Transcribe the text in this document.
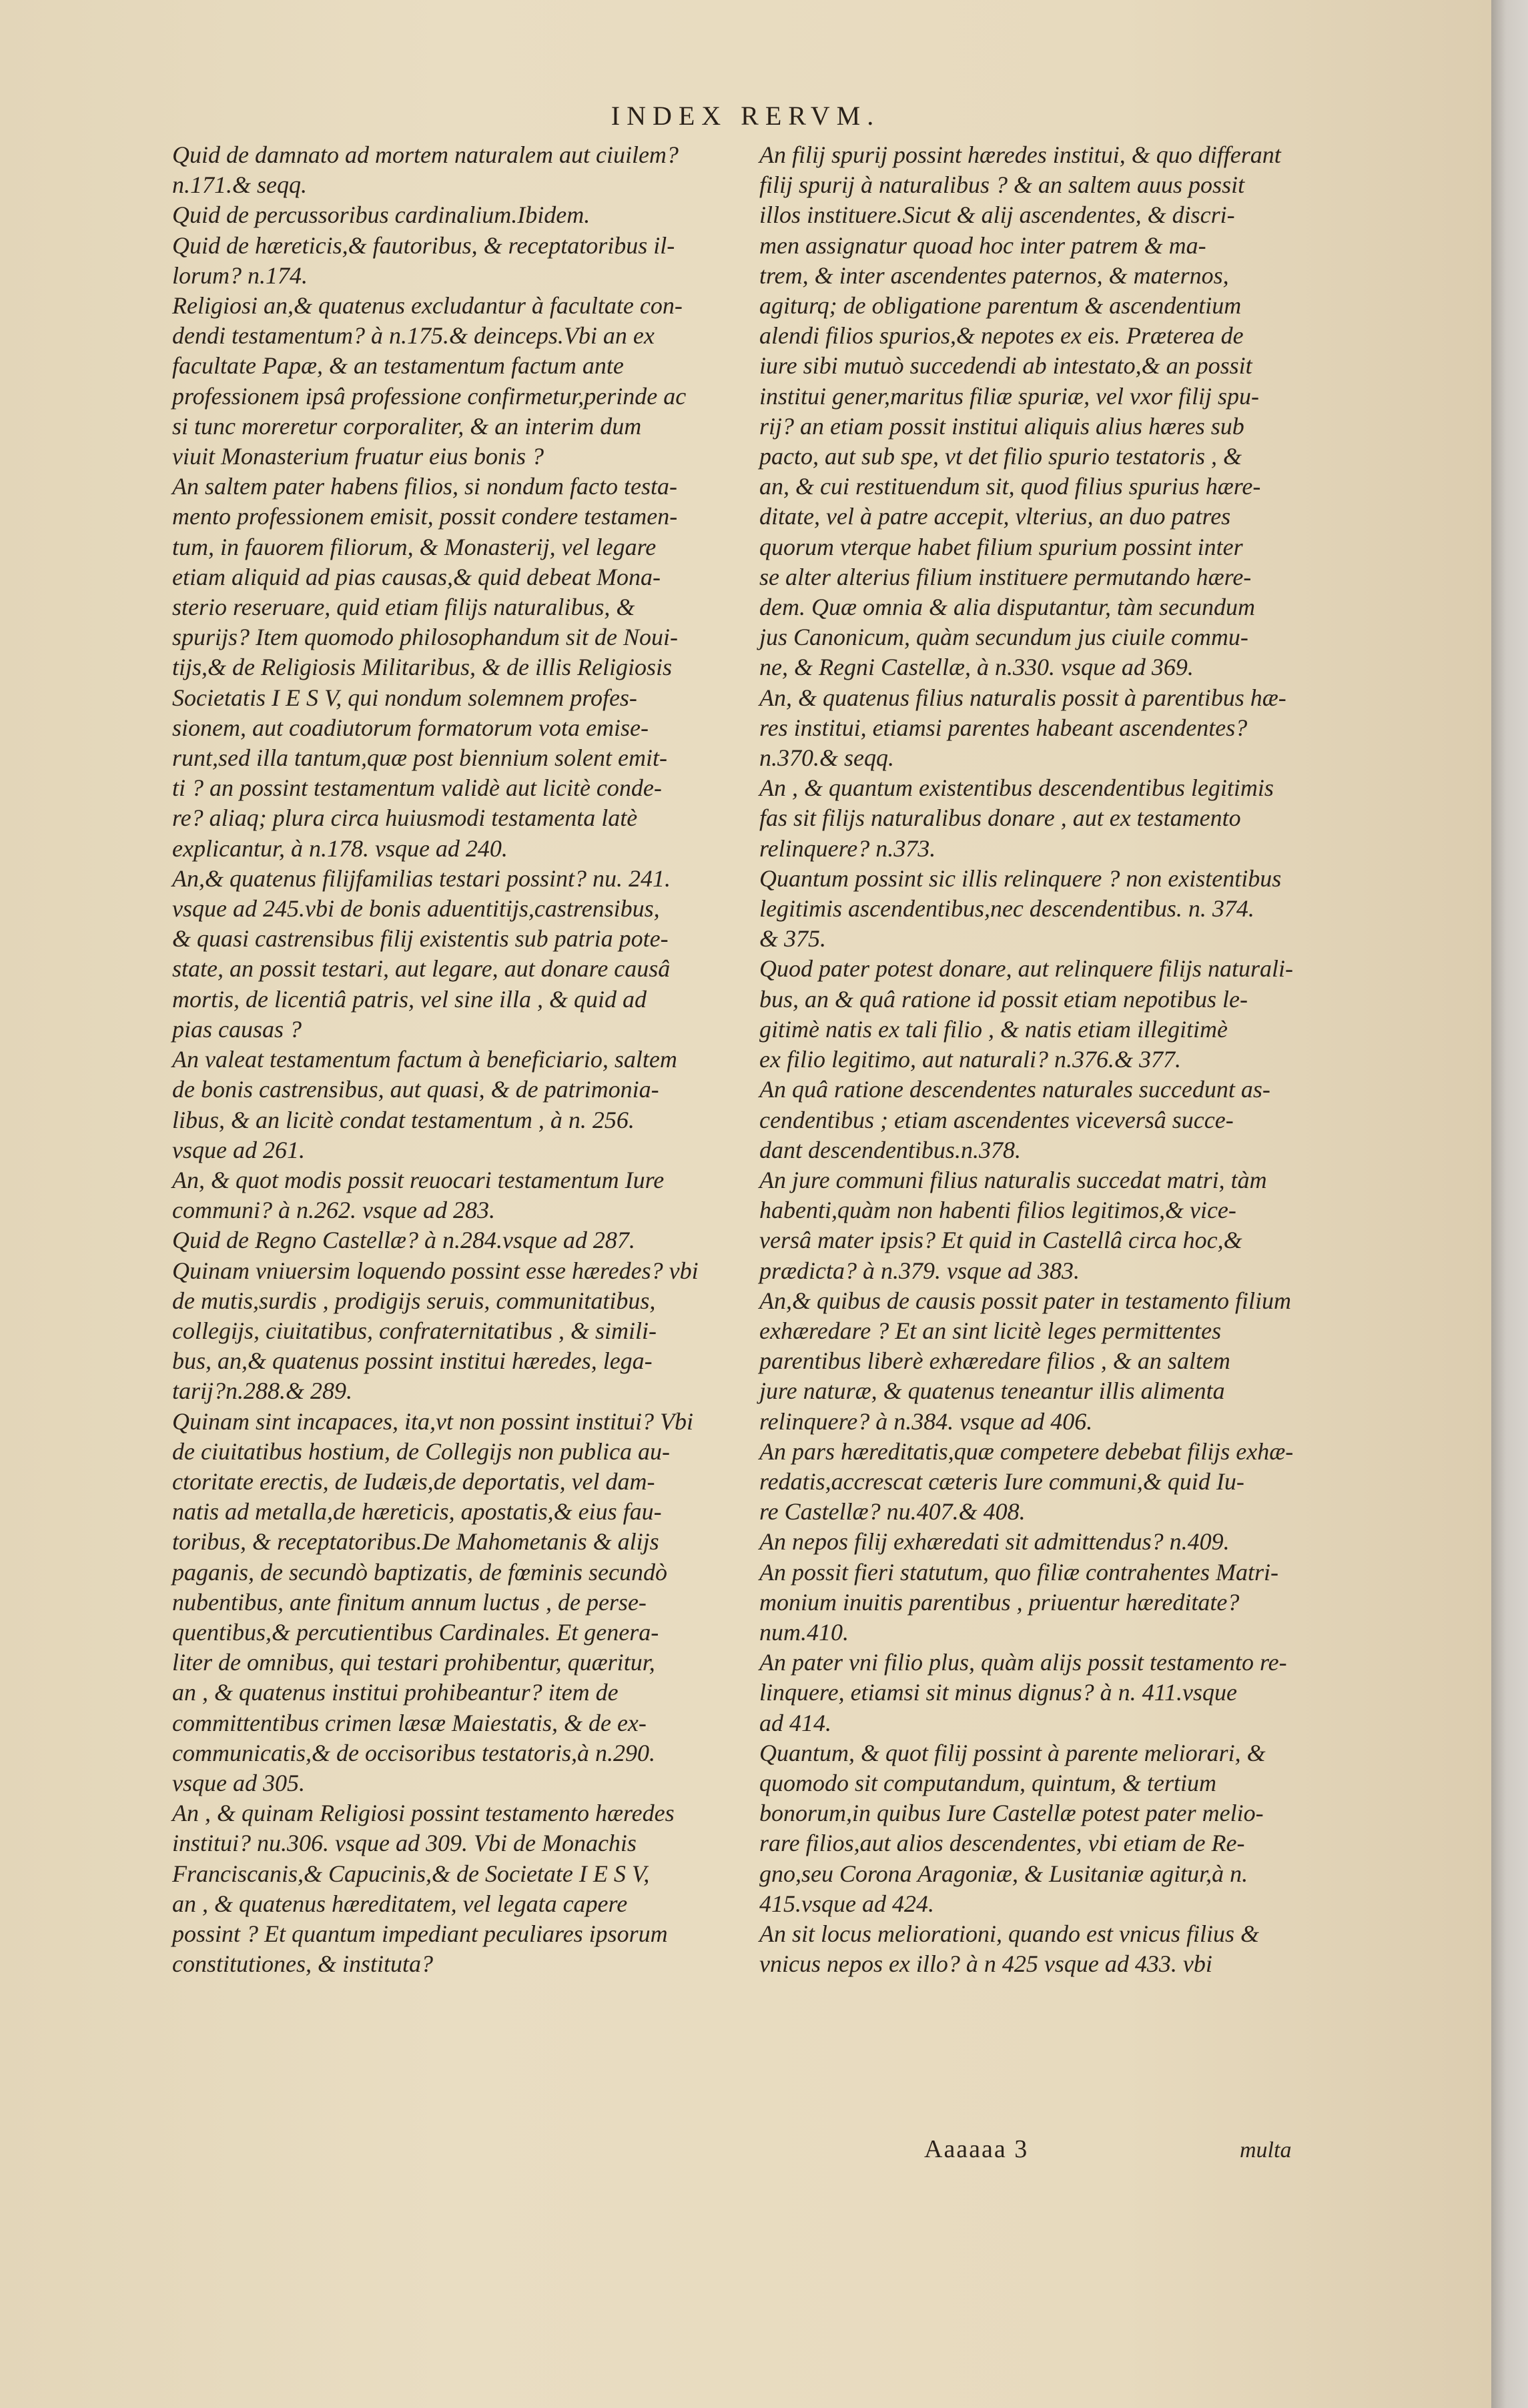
INDEX RERVM.

Quid de damnato ad mortem naturalem aut ciuilem?
n.171.& seqq.

Quid de percussoribus cardinalium.Ibidem.

Quid de hæreticis,& fautoribus, & receptatoribus il-
lorum? n.174.

Religiosi an,& quatenus excludantur à facultate con-
dendi testamentum? à n.175.& deinceps.Vbi an ex
facultate Papæ, & an testamentum factum ante
professionem ipsâ professione confirmetur,perinde ac
si tunc moreretur corporaliter, & an interim dum
viuit Monasterium fruatur eius bonis ?

An saltem pater habens filios, si nondum facto testa-
mento professionem emisit, possit condere testamen-
tum, in fauorem filiorum, & Monasterij, vel legare
etiam aliquid ad pias causas,& quid debeat Mona-
sterio reseruare, quid etiam filijs naturalibus, &
spurijs? Item quomodo philosophandum sit de Noui-
tijs,& de Religiosis Militaribus, & de illis Religiosis
Societatis I E S V, qui nondum solemnem profes-
sionem, aut coadiutorum formatorum vota emise-
runt,sed illa tantum,quæ post biennium solent emit-
ti ? an possint testamentum validè aut licitè conde-
re? aliaq; plura circa huiusmodi testamenta latè
explicantur, à n.178. vsque ad 240.

An,& quatenus filijfamilias testari possint? nu. 241.
vsque ad 245.vbi de bonis aduentitijs,castrensibus,
& quasi castrensibus filij existentis sub patria pote-
state, an possit testari, aut legare, aut donare causâ
mortis, de licentiâ patris, vel sine illa , & quid ad
pias causas ?

An valeat testamentum factum à beneficiario, saltem
de bonis castrensibus, aut quasi, & de patrimonia-
libus, & an licitè condat testamentum , à n. 256.
vsque ad 261.

An, & quot modis possit reuocari testamentum Iure
communi? à n.262. vsque ad 283.

Quid de Regno Castellæ? à n.284.vsque ad 287.

Quinam vniuersim loquendo possint esse hæredes? vbi
de mutis,surdis , prodigijs seruis, communitatibus,
collegijs, ciuitatibus, confraternitatibus , & simili-
bus, an,& quatenus possint institui hæredes, lega-
tarij?n.288.& 289.

Quinam sint incapaces, ita,vt non possint institui? Vbi
de ciuitatibus hostium, de Collegijs non publica au-
ctoritate erectis, de Iudæis,de deportatis, vel dam-
natis ad metalla,de hæreticis, apostatis,& eius fau-
toribus, & receptatoribus.De Mahometanis & alijs
paganis, de secundò baptizatis, de fœminis secundò
nubentibus, ante finitum annum luctus , de perse-
quentibus,& percutientibus Cardinales. Et genera-
liter de omnibus, qui testari prohibentur, quæritur,
an , & quatenus institui prohibeantur? item de
committentibus crimen læsæ Maiestatis, & de ex-
communicatis,& de occisoribus testatoris,à n.290.
vsque ad 305.

An , & quinam Religiosi possint testamento hæredes
institui? nu.306. vsque ad 309. Vbi de Monachis
Franciscanis,& Capucinis,& de Societate I E S V,
an , & quatenus hæreditatem, vel legata capere
possint ? Et quantum impediant peculiares ipsorum
constitutiones, & instituta?

An filij spurij possint hæredes institui, & quo differant
filij spurij à naturalibus ? & an saltem auus possit
illos instituere.Sicut & alij ascendentes, & discri-
men assignatur quoad hoc inter patrem & ma-
trem, & inter ascendentes paternos, & maternos,
agiturq; de obligatione parentum & ascendentium
alendi filios spurios,& nepotes ex eis. Præterea de
iure sibi mutuò succedendi ab intestato,& an possit
institui gener,maritus filiæ spuriæ, vel vxor filij spu-
rij? an etiam possit institui aliquis alius hæres sub
pacto, aut sub spe, vt det filio spurio testatoris , &
an, & cui restituendum sit, quod filius spurius hære-
ditate, vel à patre accepit, vlterius, an duo patres
quorum vterque habet filium spurium possint inter
se alter alterius filium instituere permutando hære-
dem. Quæ omnia & alia disputantur, tàm secundum
jus Canonicum, quàm secundum jus ciuile commu-
ne, & Regni Castellæ, à n.330. vsque ad 369.

An, & quatenus filius naturalis possit à parentibus hæ-
res institui, etiamsi parentes habeant ascendentes?
n.370.& seqq.

An , & quantum existentibus descendentibus legitimis
fas sit filijs naturalibus donare , aut ex testamento
relinquere? n.373.

Quantum possint sic illis relinquere ? non existentibus
legitimis ascendentibus,nec descendentibus. n. 374.
& 375.

Quod pater potest donare, aut relinquere filijs naturali-
bus, an & quâ ratione id possit etiam nepotibus le-
gitimè natis ex tali filio , & natis etiam illegitimè
ex filio legitimo, aut naturali? n.376.& 377.

An quâ ratione descendentes naturales succedunt as-
cendentibus ; etiam ascendentes viceversâ succe-
dant descendentibus.n.378.

An jure communi filius naturalis succedat matri, tàm
habenti,quàm non habenti filios legitimos,& vice-
versâ mater ipsis? Et quid in Castellâ circa hoc,&
prædicta? à n.379. vsque ad 383.

An,& quibus de causis possit pater in testamento filium
exhæredare ? Et an sint licitè leges permittentes
parentibus liberè exhæredare filios , & an saltem
jure naturæ, & quatenus teneantur illis alimenta
relinquere? à n.384. vsque ad 406.

An pars hæreditatis,quæ competere debebat filijs exhæ-
redatis,accrescat cæteris Iure communi,& quid Iu-
re Castellæ? nu.407.& 408.

An nepos filij exhæredati sit admittendus? n.409.

An possit fieri statutum, quo filiæ contrahentes Matri-
monium inuitis parentibus , priuentur hæreditate?
num.410.

An pater vni filio plus, quàm alijs possit testamento re-
linquere, etiamsi sit minus dignus? à n. 411.vsque
ad 414.

Quantum, & quot filij possint à parente meliorari, &
quomodo sit computandum, quintum, & tertium
bonorum,in quibus Iure Castellæ potest pater melio-
rare filios,aut alios descendentes, vbi etiam de Re-
gno,seu Corona Aragoniæ, & Lusitaniæ agitur,à n.
415.vsque ad 424.

An sit locus meliorationi, quando est vnicus filius &
vnicus nepos ex illo? à n 425 vsque ad 433. vbi

Aaaaaa 3	multa
